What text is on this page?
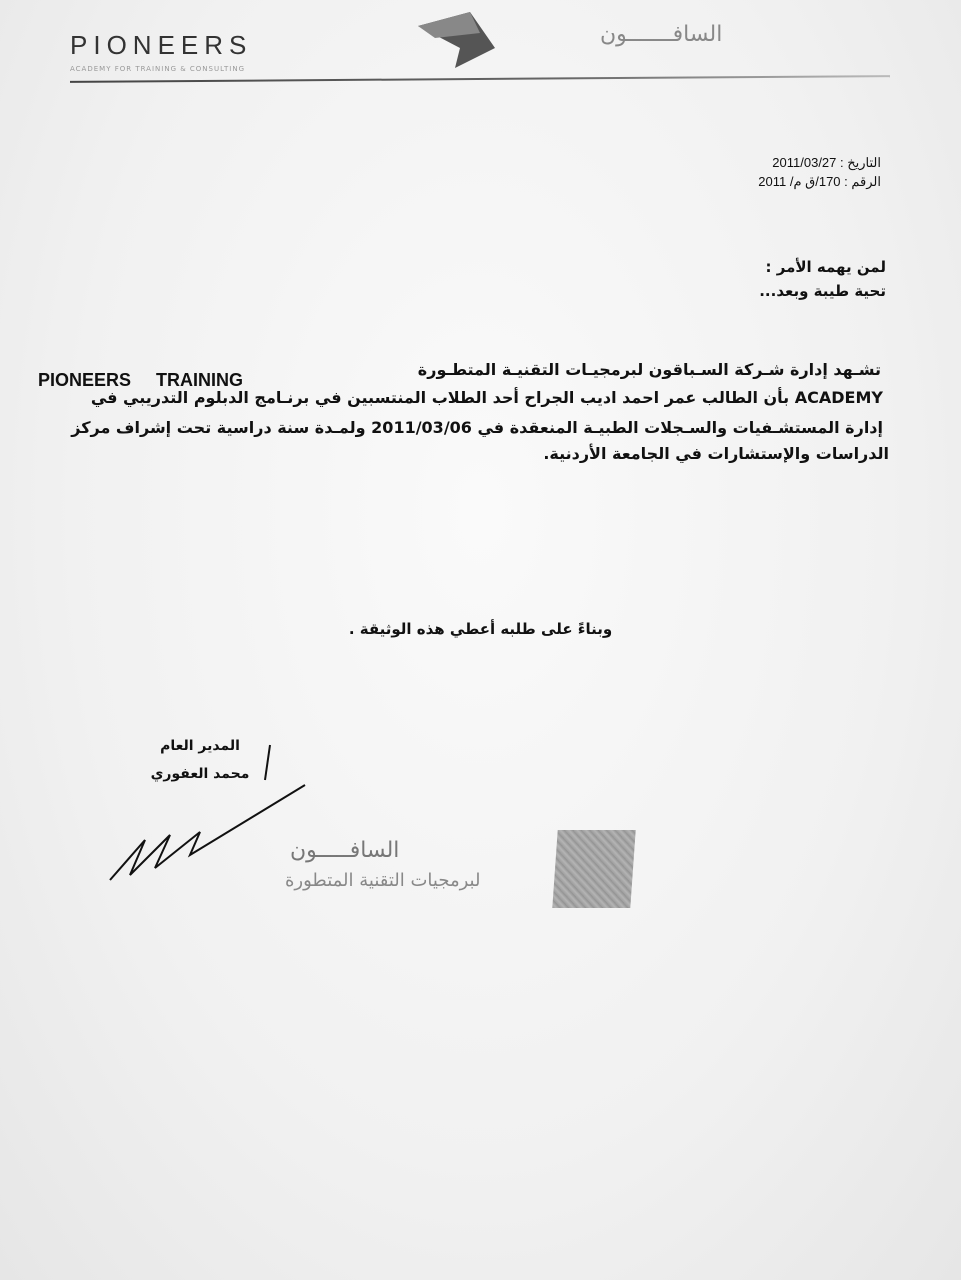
PIONEERS
ACADEMY FOR TRAINING & CONSULTING
السافـــــــون
التاريخ : 2011/03/27
الرقم : 170/ق م/ 2011
لمن يهمه الأمر :
تحية طيبة وبعد...
تشـهد إدارة شـركة السـباقون لبرمجيـات التقنيـة المتطـورة
PIONEERS TRAINING
ACADEMY بأن الطالب عمر احمد اديب الجراح أحد الطلاب المنتسبين في برنـامج الدبلوم التدريبي في
إدارة المستشـفيات والسـجلات الطبيـة المنعقدة في 2011/03/06 ولمـدة سنة دراسية تحت إشراف مركز
الدراسات والإستشارات في الجامعة الأردنية.
وبناءً على طلبه أعطي هذه الوثيقة .
المدير العام
محمد العفوري
السافـــــون
لبرمجيات التقنية المتطورة
